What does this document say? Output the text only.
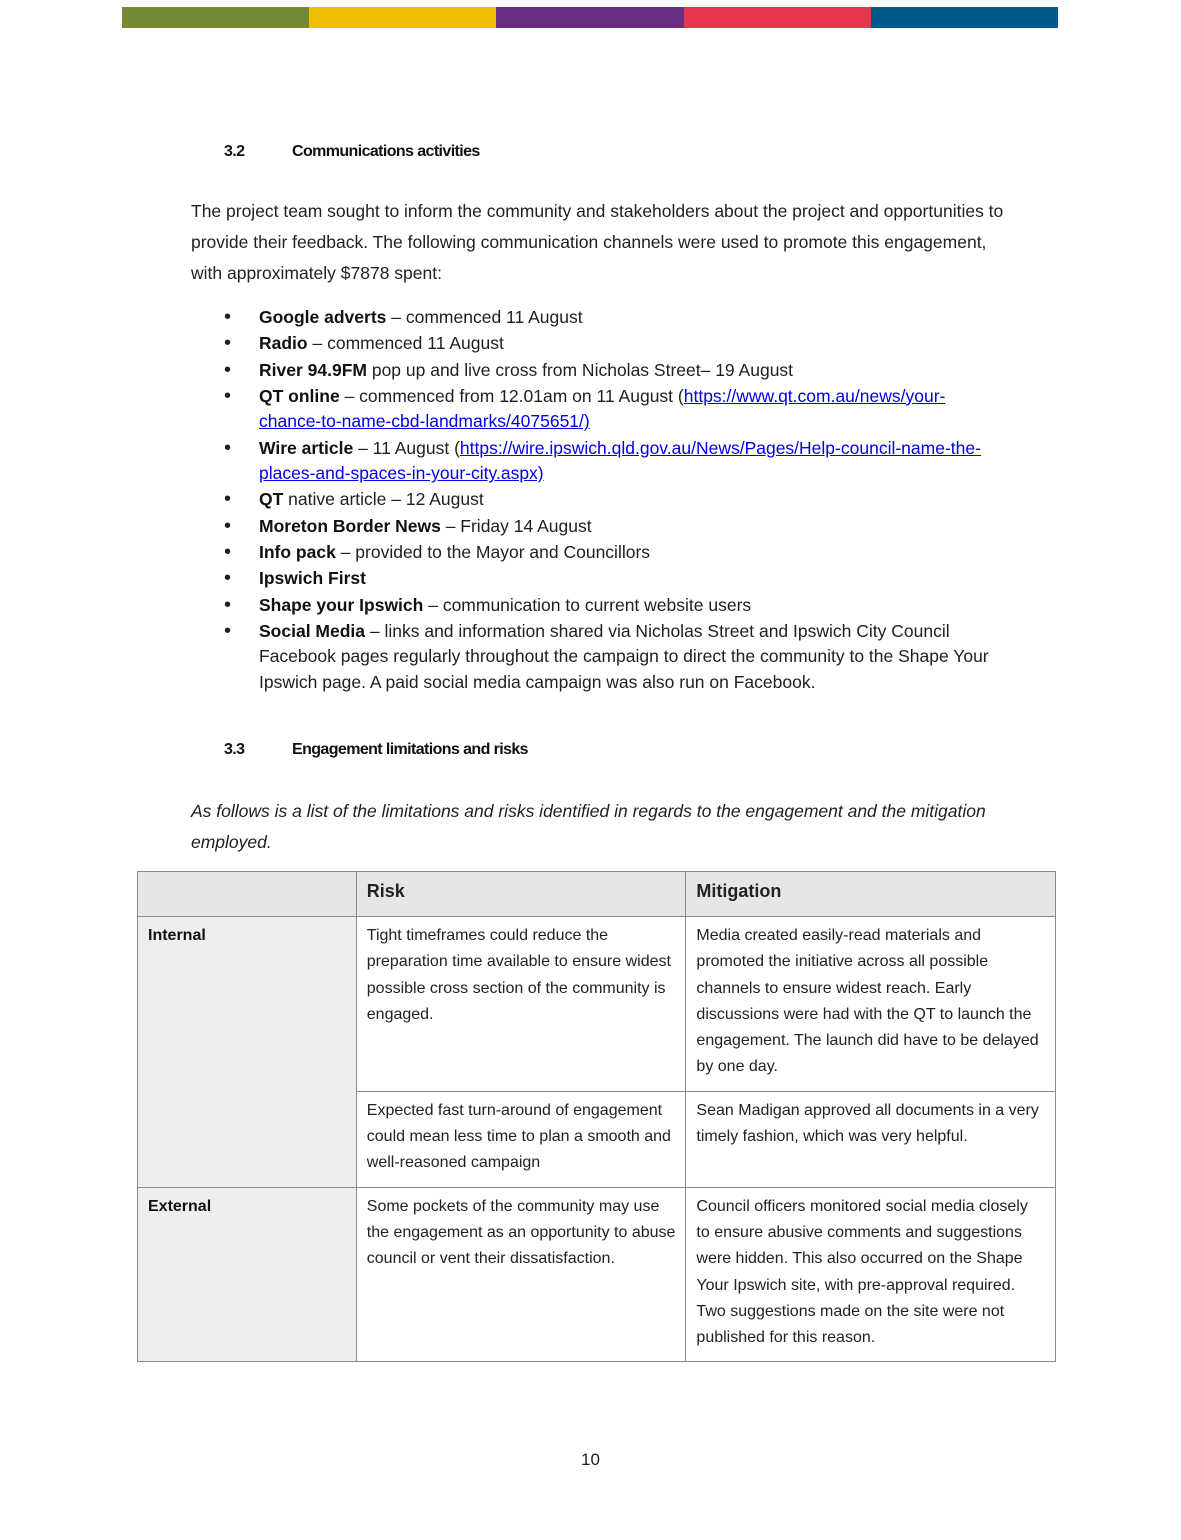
3.2	Communications activities
The project team sought to inform the community and stakeholders about the project and opportunities to provide their feedback. The following communication channels were used to promote this engagement, with approximately $7878 spent:
• Google adverts – commenced 11 August
• Radio – commenced 11 August
• River 94.9FM pop up and live cross from Nicholas Street– 19 August
• QT online – commenced from 12.01am on 11 August (https://www.qt.com.au/news/your-chance-to-name-cbd-landmarks/4075651/)
• Wire article – 11 August (https://wire.ipswich.qld.gov.au/News/Pages/Help-council-name-the-places-and-spaces-in-your-city.aspx)
• QT native article – 12 August
• Moreton Border News – Friday 14 August
• Info pack – provided to the Mayor and Councillors
• Ipswich First
• Shape your Ipswich – communication to current website users
• Social Media – links and information shared via Nicholas Street and Ipswich City Council Facebook pages regularly throughout the campaign to direct the community to the Shape Your Ipswich page. A paid social media campaign was also run on Facebook.
3.3	Engagement limitations and risks
As follows is a list of the limitations and risks identified in regards to the engagement and the mitigation employed.
	Risk	Mitigation
Internal	Tight timeframes could reduce the preparation time available to ensure widest possible cross section of the community is engaged.	Media created easily-read materials and promoted the initiative across all possible channels to ensure widest reach. Early discussions were had with the QT to launch the engagement. The launch did have to be delayed by one day.
	Expected fast turn-around of engagement could mean less time to plan a smooth and well-reasoned campaign	Sean Madigan approved all documents in a very timely fashion, which was very helpful.
External	Some pockets of the community may use the engagement as an opportunity to abuse council or vent their dissatisfaction.	Council officers monitored social media closely to ensure abusive comments and suggestions were hidden. This also occurred on the Shape Your Ipswich site, with pre-approval required. Two suggestions made on the site were not published for this reason.
10
